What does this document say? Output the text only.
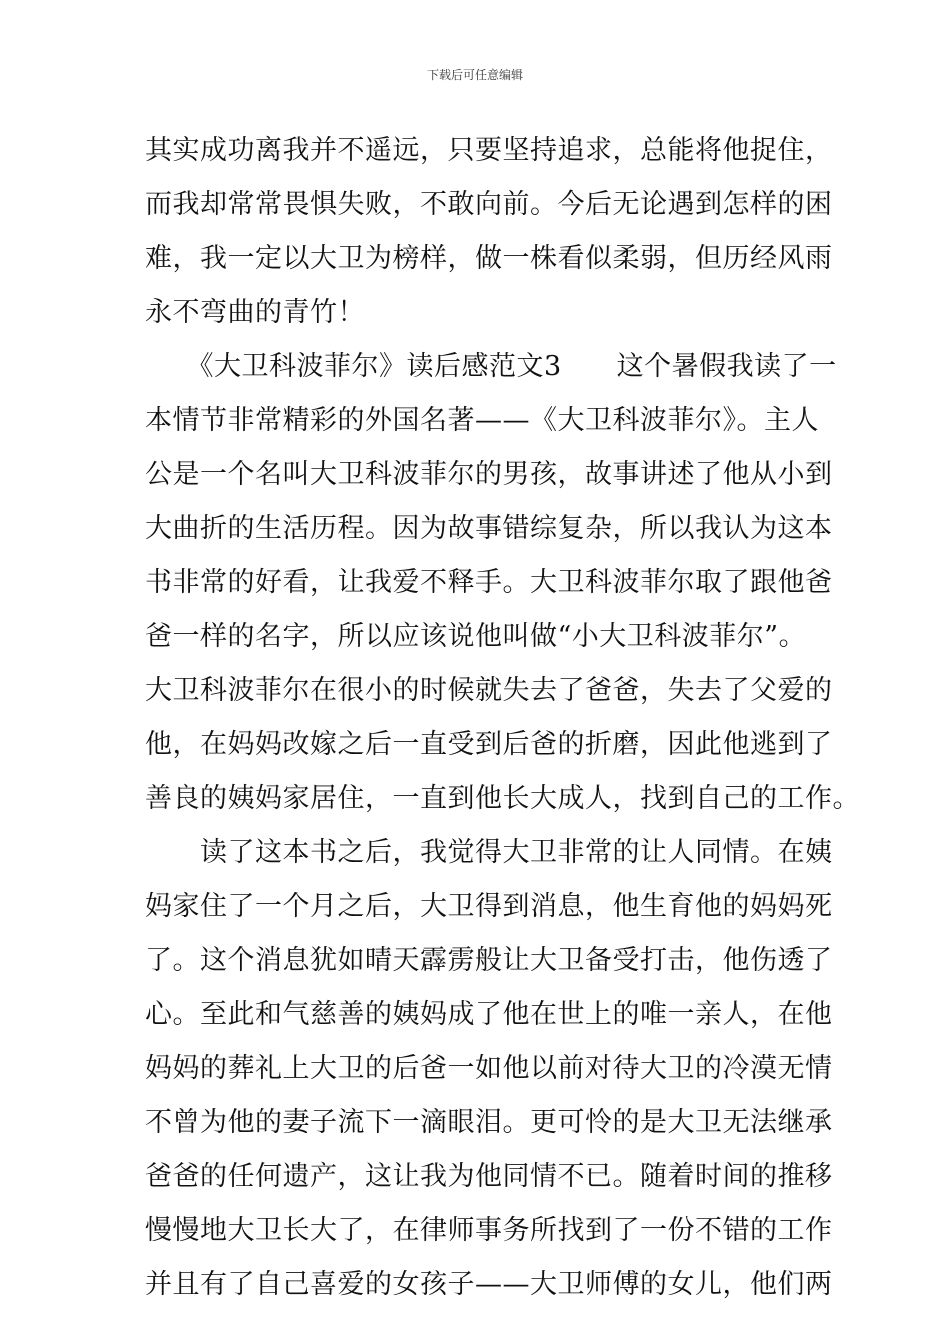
下载后可任意编辑
其实成功离我并不遥远，只要坚持追求，总能将他捉住，
而我却常常畏惧失败，不敢向前。今后无论遇到怎样的困
难，我一定以大卫为榜样，做一株看似柔弱，但历经风雨
永不弯曲的青竹！
　　《大卫科波菲尔》读后感范文3　　这个暑假我读了一
本情节非常精彩的外国名著——《大卫科波菲尔》。主人
公是一个名叫大卫科波菲尔的男孩，故事讲述了他从小到
大曲折的生活历程。因为故事错综复杂，所以我认为这本
书非常的好看，让我爱不释手。大卫科波菲尔取了跟他爸
爸一样的名字，所以应该说他叫做“小大卫科波菲尔”。
大卫科波菲尔在很小的时候就失去了爸爸，失去了父爱的
他，在妈妈改嫁之后一直受到后爸的折磨，因此他逃到了
善良的姨妈家居住，一直到他长大成人，找到自己的工作。
　　读了这本书之后，我觉得大卫非常的让人同情。在姨
妈家住了一个月之后，大卫得到消息，他生育他的妈妈死
了。这个消息犹如晴天霹雳般让大卫备受打击，他伤透了
心。至此和气慈善的姨妈成了他在世上的唯一亲人，在他
妈妈的葬礼上大卫的后爸一如他以前对待大卫的冷漠无情
不曾为他的妻子流下一滴眼泪。更可怜的是大卫无法继承
爸爸的任何遗产，这让我为他同情不已。随着时间的推移
慢慢地大卫长大了，在律师事务所找到了一份不错的工作
并且有了自己喜爱的女孩子——大卫师傅的女儿，他们两
